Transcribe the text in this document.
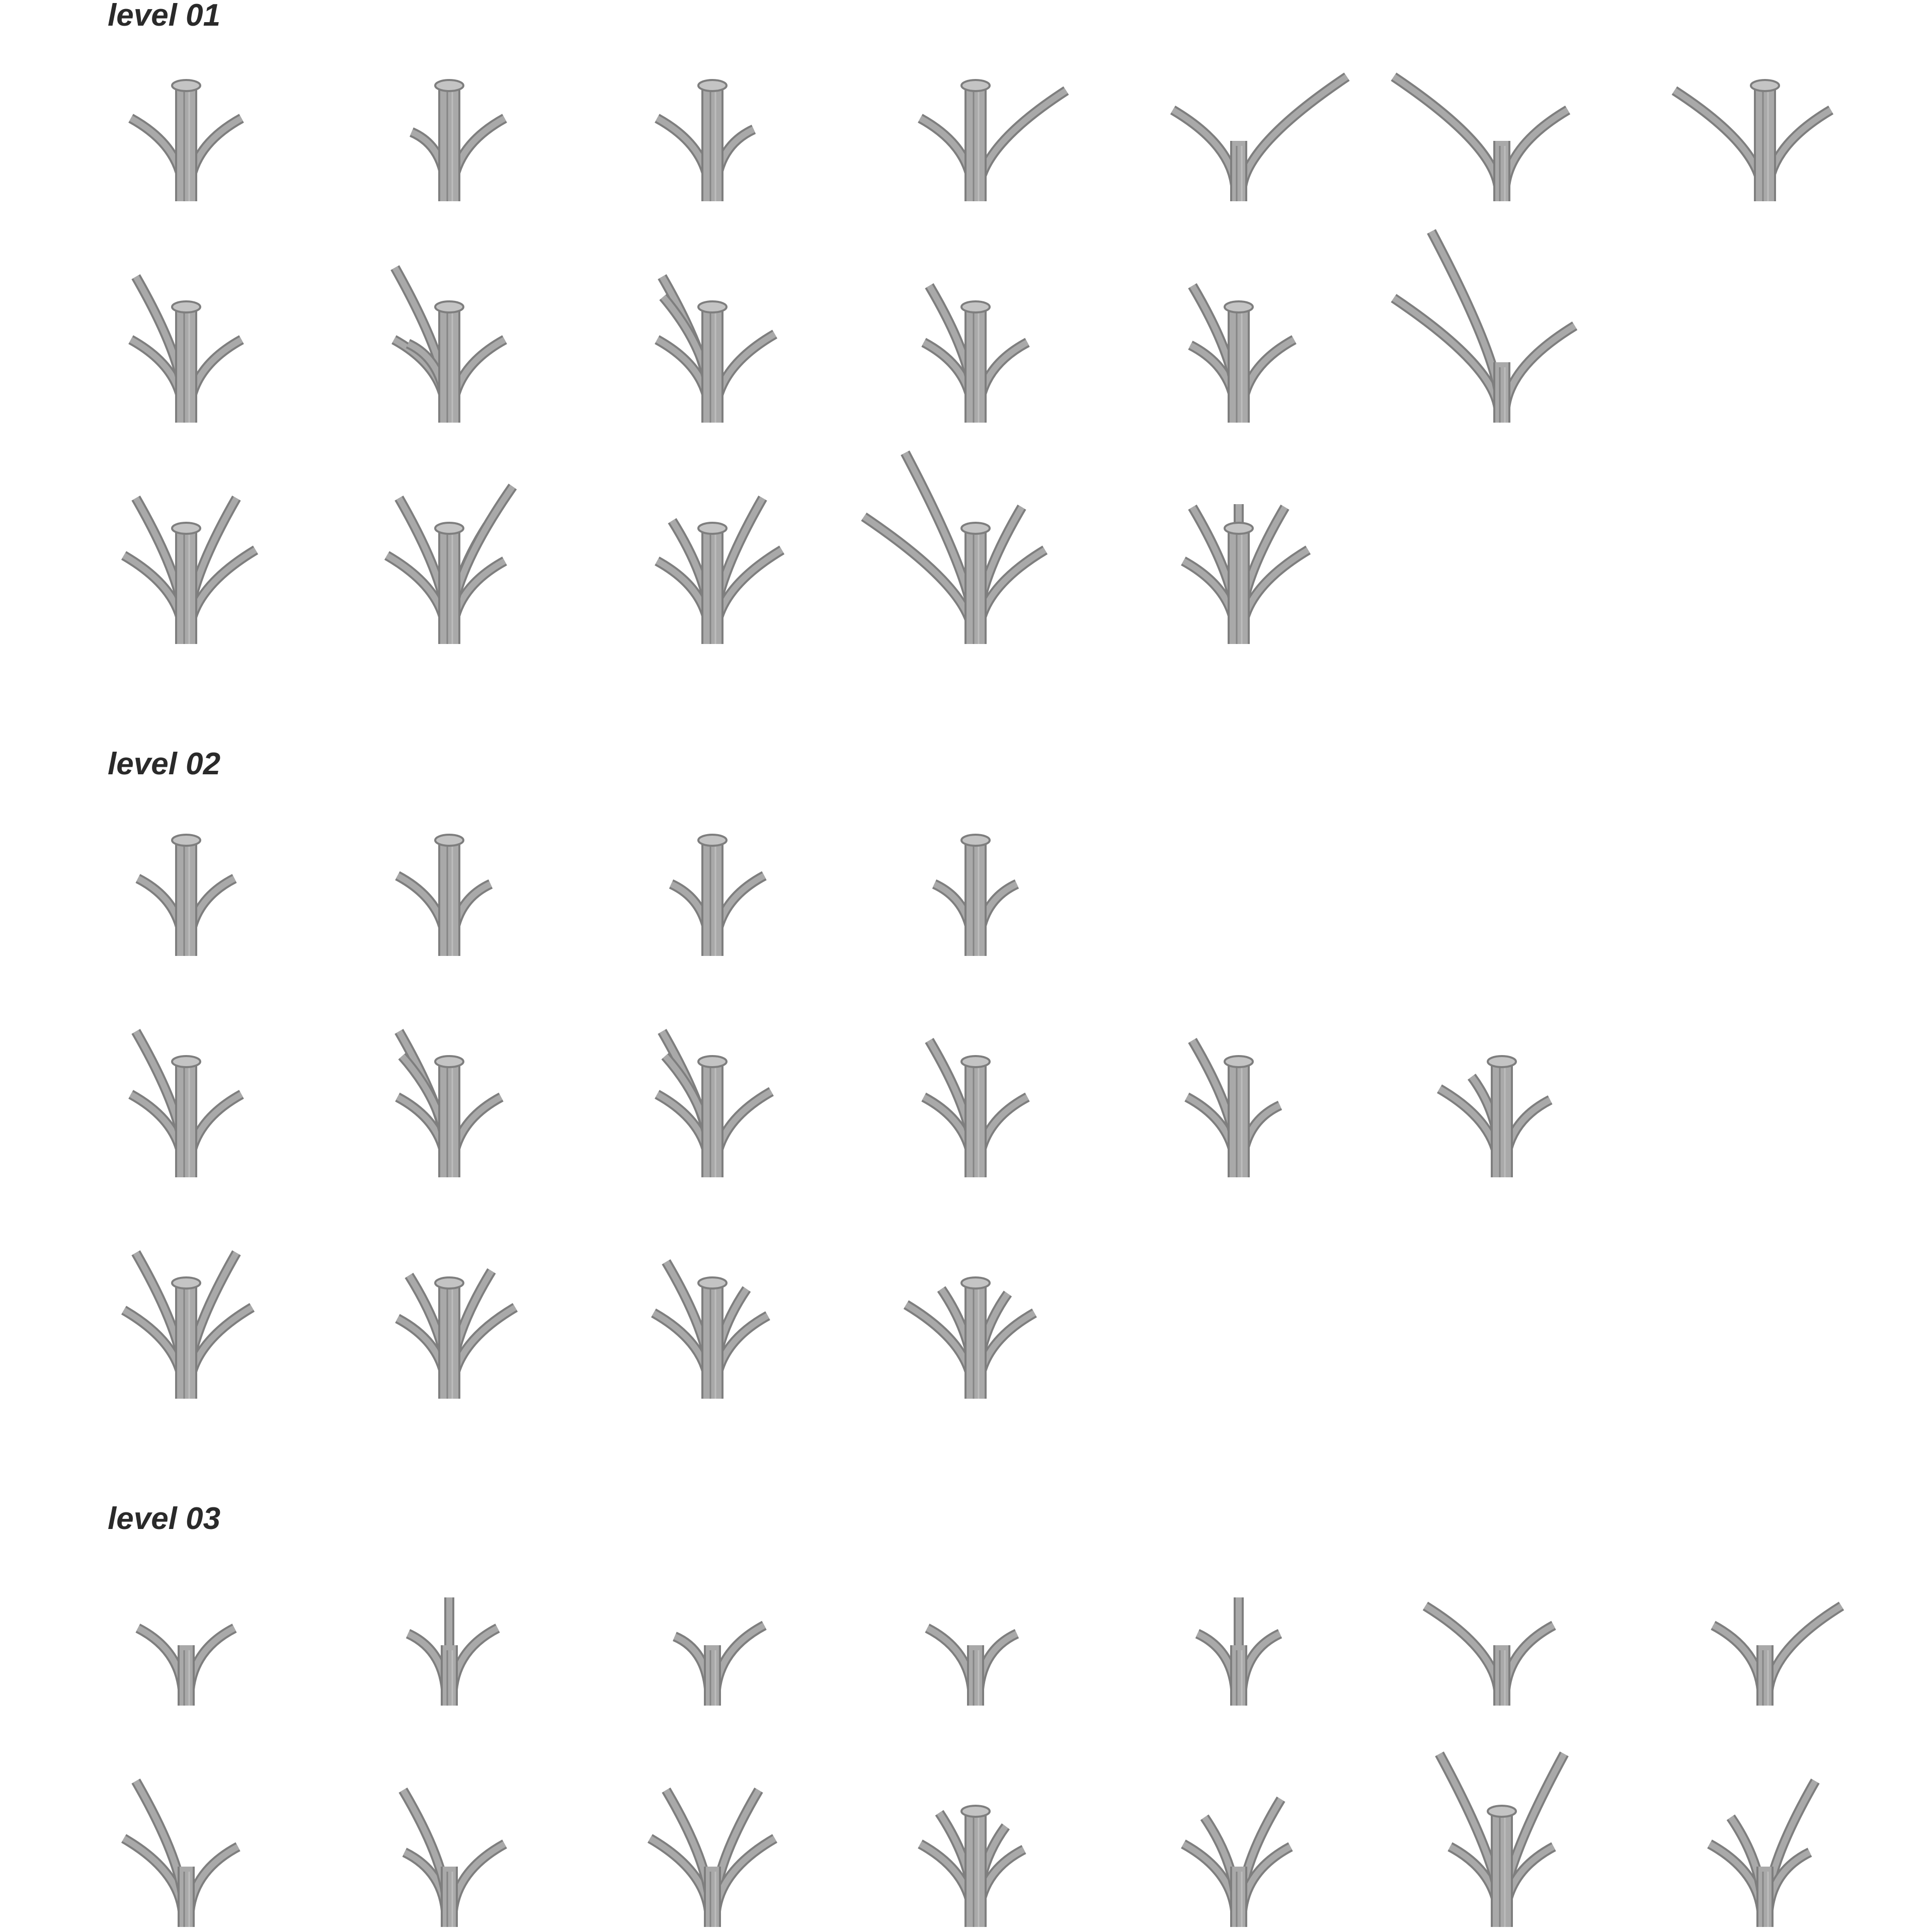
level 01
level 02
level 03
